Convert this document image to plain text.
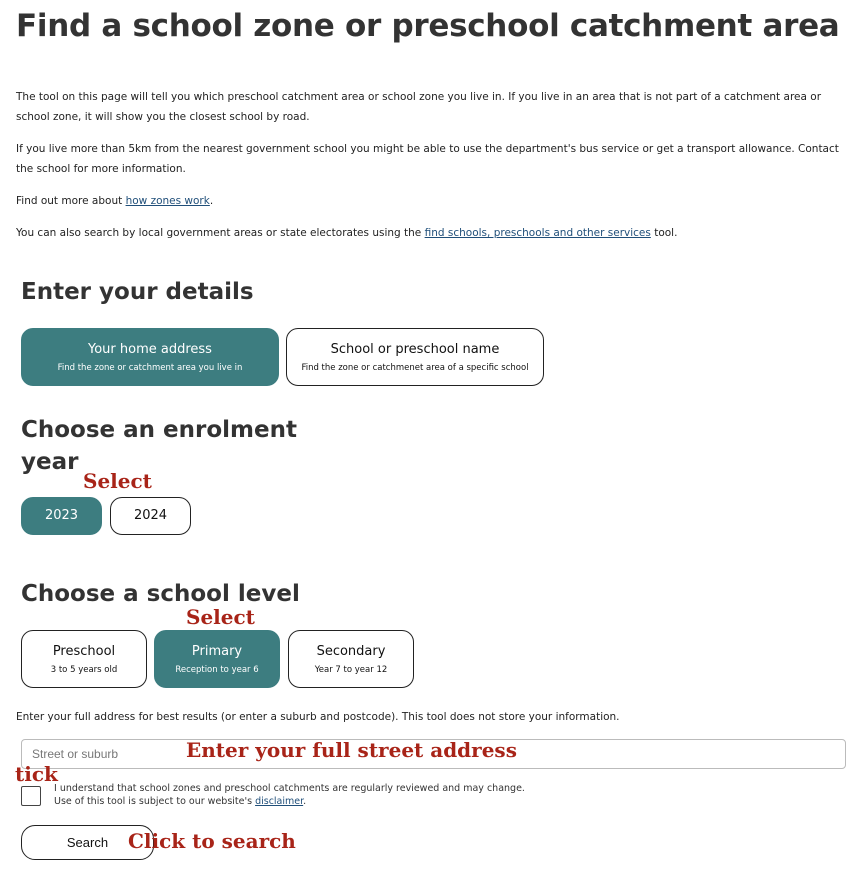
Find a school zone or preschool catchment area

The tool on this page will tell you which preschool catchment area or school zone you live in. If you live in an area that is not part of a catchment area or school zone, it will show you the closest school by road.

If you live more than 5km from the nearest government school you might be able to use the department's bus service or get a transport allowance. Contact the school for more information.

Find out more about how zones work.

You can also search by local government areas or state electorates using the find schools, preschools and other services tool.

Enter your details
Your home address
Find the zone or catchment area you live in
School or preschool name
Find the zone or catchmenet area of a specific school
Choose an enrolment
year
Select
2023	2024
Choose a school level
Select
Preschool
3 to 5 years old
Primary
Reception to year 6
Secondary
Year 7 to year 12

Enter your full address for best results (or enter a suburb and postcode). This tool does not store your information.

Street or suburb
Enter your full street address
tick
I understand that school zones and preschool catchments are regularly reviewed and may change.
Use of this tool is subject to our website's disclaimer.
Search Click to search
